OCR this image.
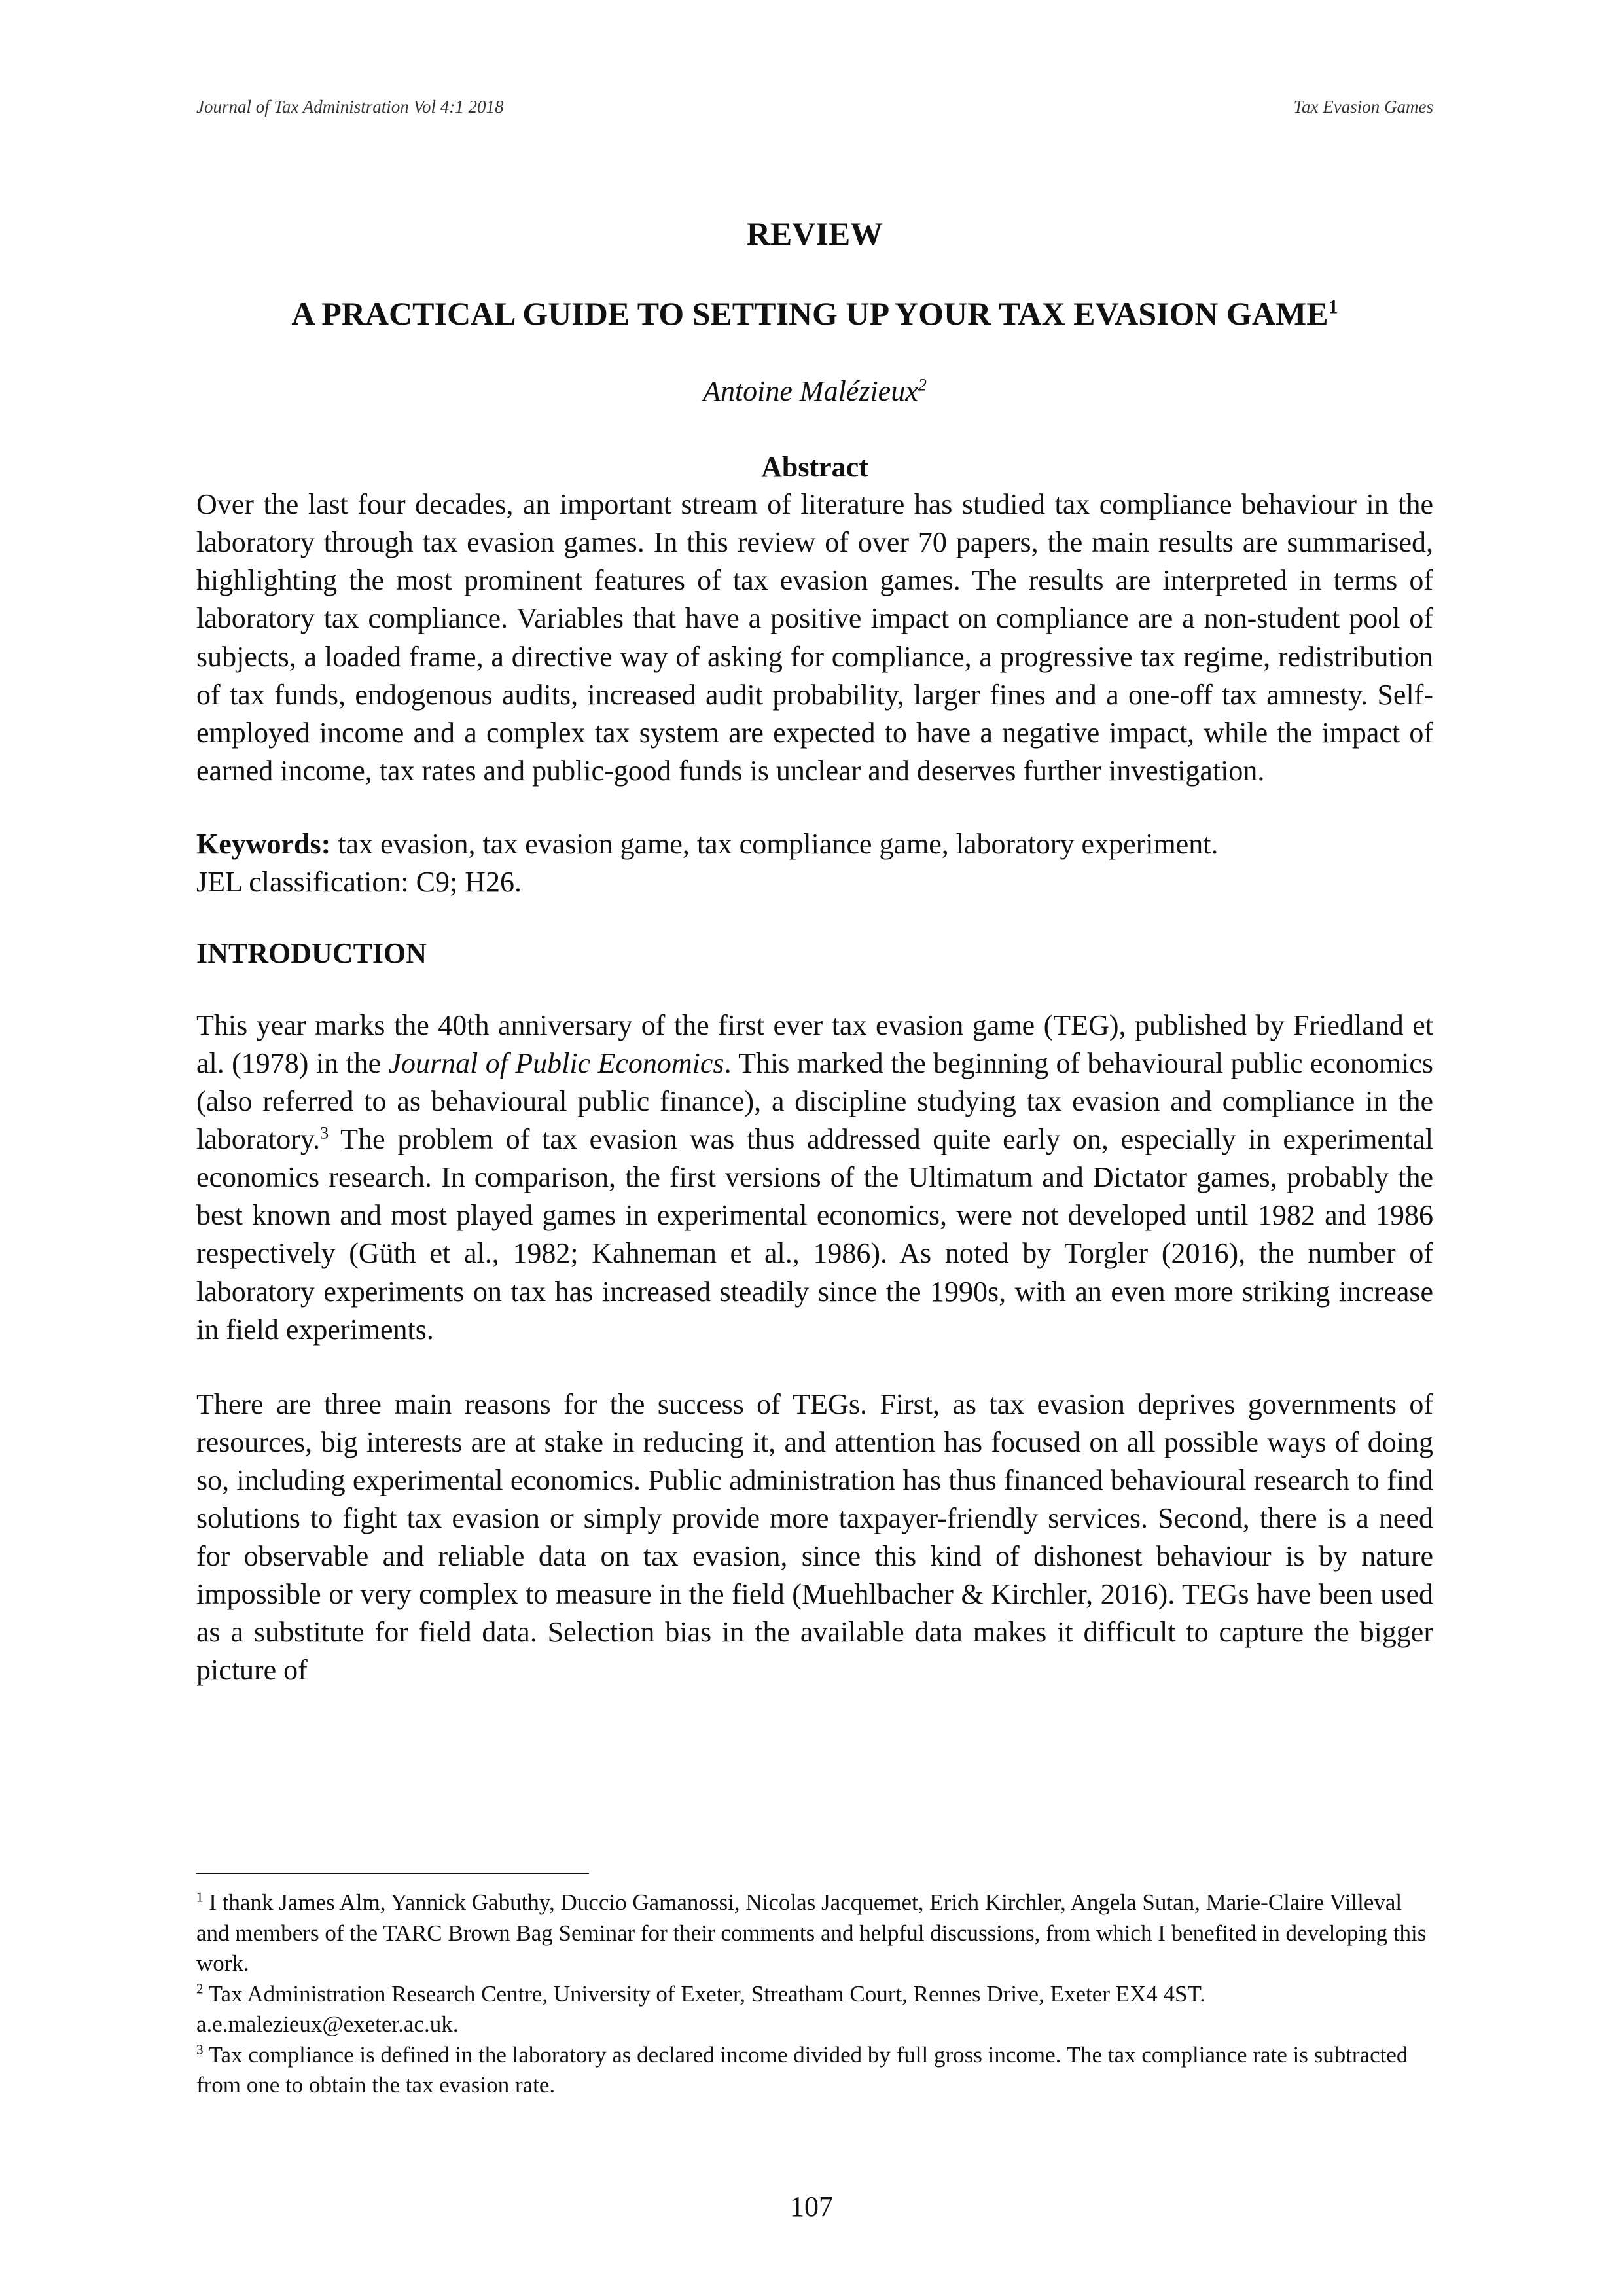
Journal of Tax Administration Vol 4:1 2018	Tax Evasion Games
REVIEW
A PRACTICAL GUIDE TO SETTING UP YOUR TAX EVASION GAME$^1$
Antoine Malézieux$^2$
Abstract

Over the last four decades, an important stream of literature has studied tax compliance behaviour in the laboratory through tax evasion games. In this review of over 70 papers, the main results are summarised, highlighting the most prominent features of tax evasion games. The results are interpreted in terms of laboratory tax compliance. Variables that have a positive impact on compliance are a non-student pool of subjects, a loaded frame, a directive way of asking for compliance, a progressive tax regime, redistribution of tax funds, endogenous audits, increased audit probability, larger fines and a one-off tax amnesty. Self-employed income and a complex tax system are expected to have a negative impact, while the impact of earned income, tax rates and public-good funds is unclear and deserves further investigation.

Keywords: tax evasion, tax evasion game, tax compliance game, laboratory experiment.

JEL classification: C9; H26.

INTRODUCTION

This year marks the 40th anniversary of the first ever tax evasion game (TEG), published by Friedland et al. (1978) in the Journal of Public Economics. This marked the beginning of behavioural public economics (also referred to as behavioural public finance), a discipline studying tax evasion and compliance in the laboratory.$^3$ The problem of tax evasion was thus addressed quite early on, especially in experimental economics research. In comparison, the first versions of the Ultimatum and Dictator games, probably the best known and most played games in experimental economics, were not developed until 1982 and 1986 respectively (Güth et al., 1982; Kahneman et al., 1986). As noted by Torgler (2016), the number of laboratory experiments on tax has increased steadily since the 1990s, with an even more striking increase in field experiments.

There are three main reasons for the success of TEGs. First, as tax evasion deprives governments of resources, big interests are at stake in reducing it, and attention has focused on all possible ways of doing so, including experimental economics. Public administration has thus financed behavioural research to find solutions to fight tax evasion or simply provide more taxpayer-friendly services. Second, there is a need for observable and reliable data on tax evasion, since this kind of dishonest behaviour is by nature impossible or very complex to measure in the field (Muehlbacher & Kirchler, 2016). TEGs have been used as a substitute for field data. Selection bias in the available data makes it difficult to capture the bigger picture of

$^1$ I thank James Alm, Yannick Gabuthy, Duccio Gamanossi, Nicolas Jacquemet, Erich Kirchler, Angela Sutan, Marie-Claire Villeval and members of the TARC Brown Bag Seminar for their comments and helpful discussions, from which I benefited in developing this work.

$^2$ Tax Administration Research Centre, University of Exeter, Streatham Court, Rennes Drive, Exeter EX4 4ST. a.e.malezieux@exeter.ac.uk.

$^3$ Tax compliance is defined in the laboratory as declared income divided by full gross income. The tax compliance rate is subtracted from one to obtain the tax evasion rate.

107
